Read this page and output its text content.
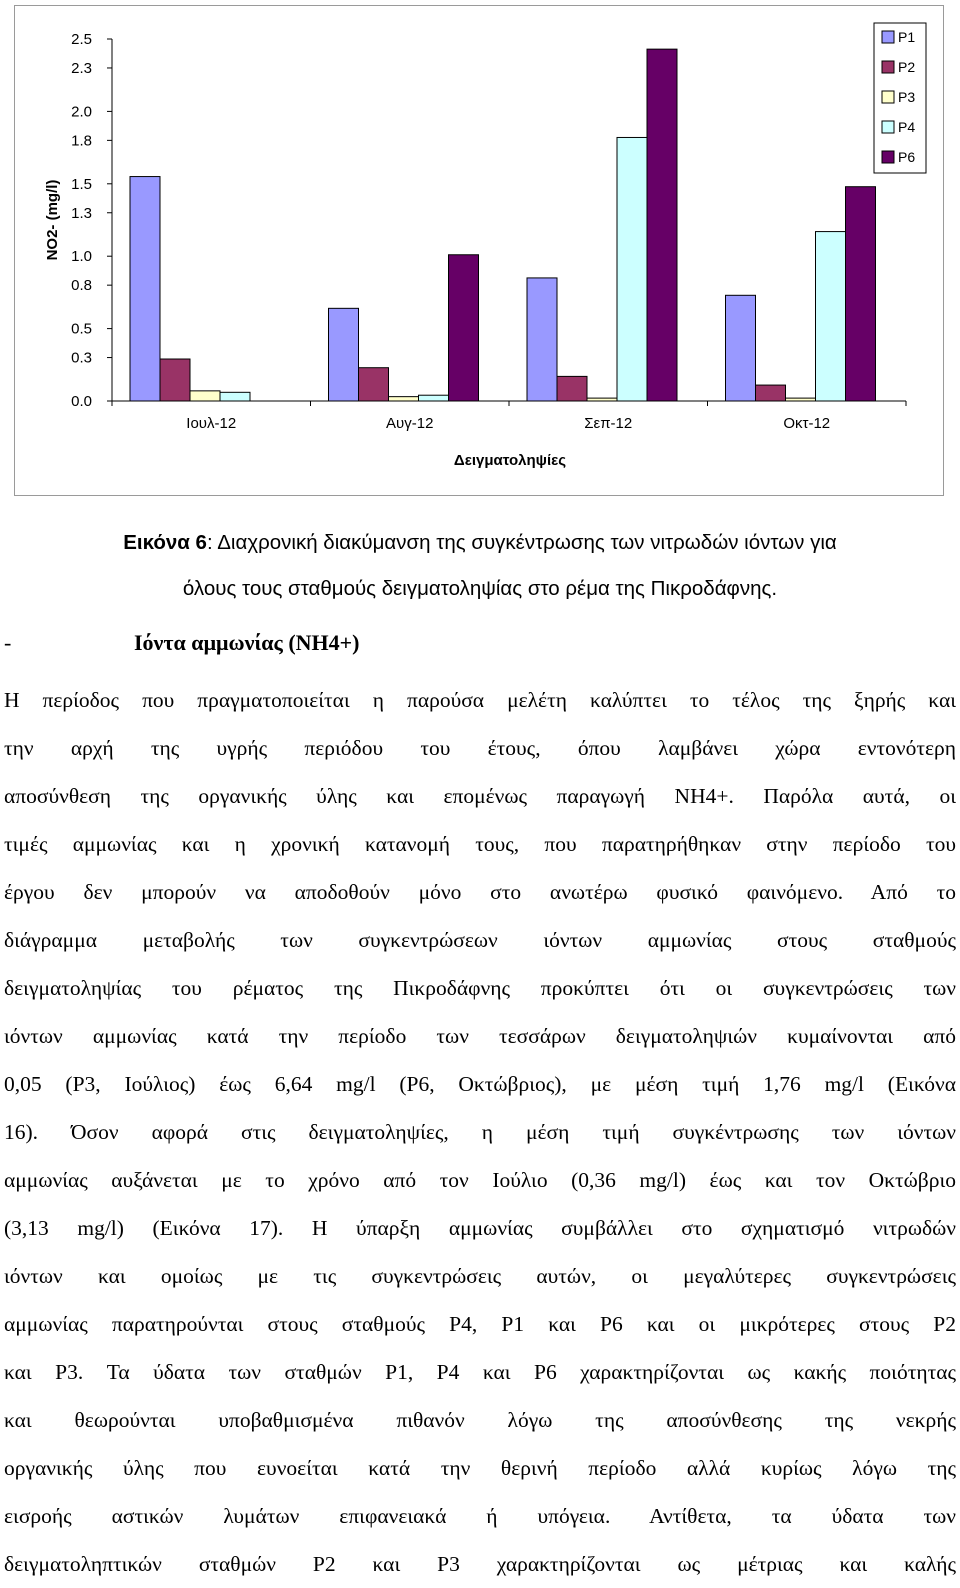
0.0
0.3
0.5
0.8
1.0
1.3
1.5
1.8
2.0
2.3
2.5
Ιουλ-12	Αυγ-12	Σεπ-12	Οκτ-12
NO2- (mg/l)
Δειγματοληψίες
P1
P2
P3
P4
P6
Εικόνα 6: Διαχρονική διακύμανση της συγκέντρωσης των νιτρωδών ιόντων για
όλους τους σταθμούς δειγματοληψίας στο ρέμα της Πικροδάφνης.
-	Ιόντα αμμωνίας (NH4+)
Η περίοδος που πραγματοποιείται η παρούσα μελέτη καλύπτει το τέλος της ξηρής και
την αρχή της υγρής περιόδου του έτους, όπου λαμβάνει χώρα εντονότερη
αποσύνθεση της οργανικής ύλης και επομένως παραγωγή NH4+. Παρόλα αυτά, οι
τιμές αμμωνίας και η χρονική κατανομή τους, που παρατηρήθηκαν στην περίοδο του
έργου δεν μπορούν να αποδοθούν μόνο στο ανωτέρω φυσικό φαινόμενο. Από το
διάγραμμα μεταβολής των συγκεντρώσεων ιόντων αμμωνίας στους σταθμούς
δειγματοληψίας του ρέματος της Πικροδάφνης προκύπτει ότι οι συγκεντρώσεις των
ιόντων αμμωνίας κατά την περίοδο των τεσσάρων δειγματοληψιών κυμαίνονται από
0,05 (P3, Ιούλιος) έως 6,64 mg/l (P6, Οκτώβριος), με μέση τιμή 1,76 mg/l (Εικόνα
16). Όσον αφορά στις δειγματοληψίες, η μέση τιμή συγκέντρωσης των ιόντων
αμμωνίας αυξάνεται με το χρόνο από τον Ιούλιο (0,36 mg/l) έως και τον Οκτώβριο
(3,13 mg/l) (Εικόνα 17). Η ύπαρξη αμμωνίας συμβάλλει στο σχηματισμό νιτρωδών
ιόντων και ομοίως με τις συγκεντρώσεις αυτών, οι μεγαλύτερες συγκεντρώσεις
αμμωνίας παρατηρούνται στους σταθμούς P4, P1 και P6 και οι μικρότερες στους P2
και P3. Τα ύδατα των σταθμών P1, P4 και P6 χαρακτηρίζονται ως κακής ποιότητας
και θεωρούνται υποβαθμισμένα πιθανόν λόγω της αποσύνθεσης της νεκρής
οργανικής ύλης που ευνοείται κατά την θερινή περίοδο αλλά κυρίως λόγω της
εισροής αστικών λυμάτων επιφανειακά ή υπόγεια. Αντίθετα, τα ύδατα των
δειγματοληπτικών σταθμών P2 και P3 χαρακτηρίζονται ως μέτριας και καλής
